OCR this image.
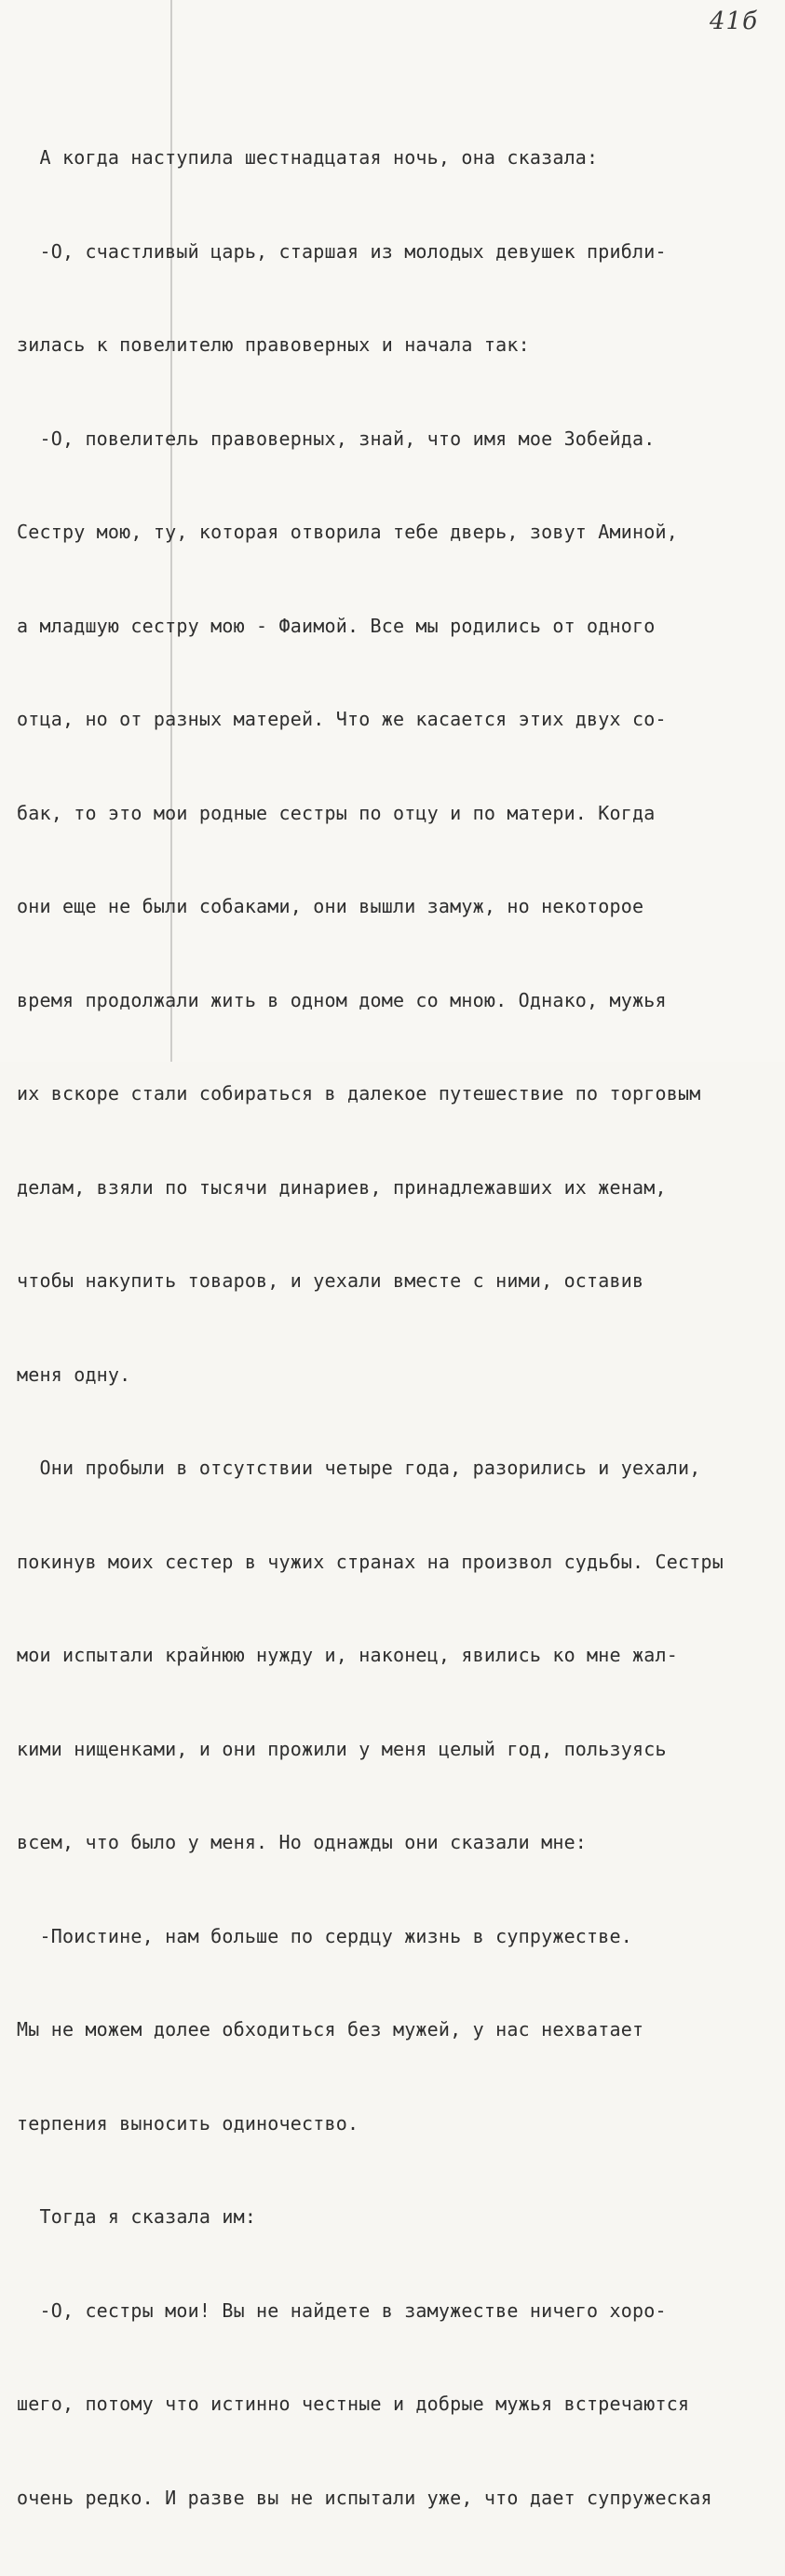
41б

А когда наступила шестнадцатая ночь, она сказала:

-О, счастливый царь, старшая из молодых девушек прибли-

зилась к повелителю правоверных и начала так:

-О, повелитель правоверных, знай, что имя мое Зобейда.

Сестру мою, ту, которая отворила тебе дверь, зовут Аминой,

а младшую сестру мою - Фаимой. Все мы родились от одного

отца, но от разных матерей. Что же касается этих двух со-

бак, то это мои родные сестры по отцу и по матери. Когда

они еще не были собаками, они вышли замуж, но некоторое

время продолжали жить в одном доме со мною. Однако, мужья

их вскоре стали собираться в далекое путешествие по торговым

делам, взяли по тысячи динариев, принадлежавших их женам,

чтобы накупить товаров, и уехали вместе с ними, оставив

меня одну.

Они пробыли в отсутствии четыре года, разорились и уехали,

покинув моих сестер в чужих странах на произвол судьбы. Сестры

мои испытали крайнюю нужду и, наконец, явились ко мне жал-

кими нищенками, и они прожили у меня целый год, пользуясь

всем, что было у меня. Но однажды они сказали мне:

-Поистине, нам больше по сердцу жизнь в супружестве.

Мы не можем долее обходиться без мужей, у нас нехватает

терпения выносить одиночество.

Тогда я сказала им:

-О, сестры мои! Вы не найдете в замужестве ничего хоро-

шего, потому что истинно честные и добрые мужья встречаются

очень редко. И разве вы не испытали уже, что дает супружеская
